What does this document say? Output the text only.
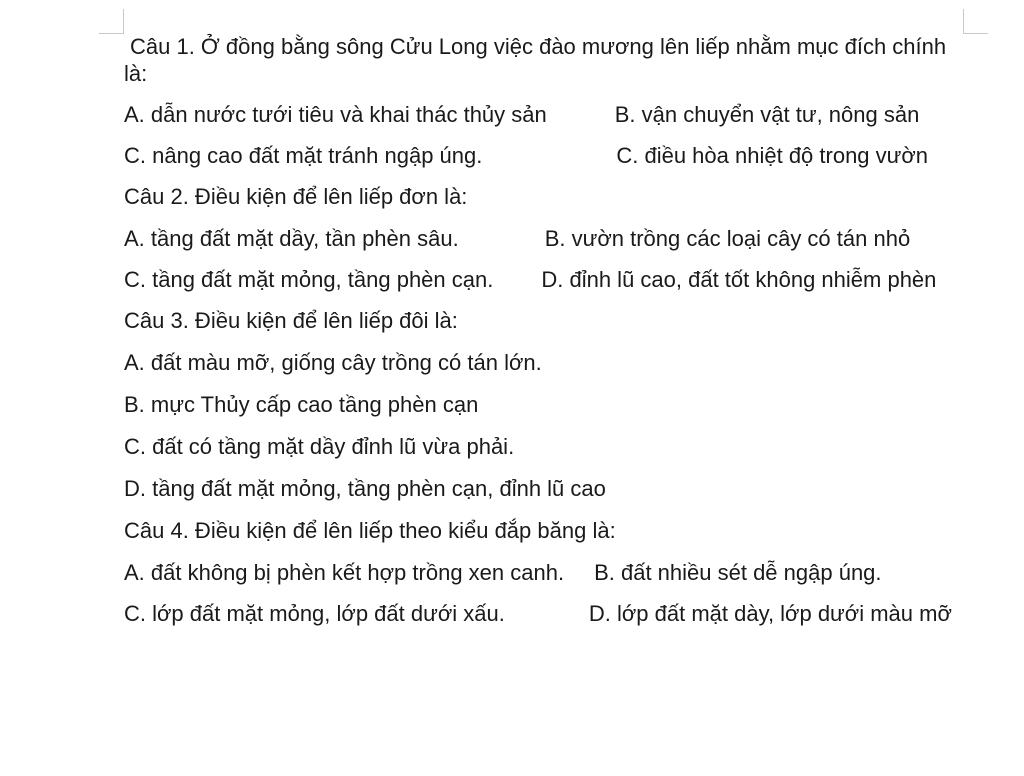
Câu 1. Ở đồng bằng sông Cửu Long việc đào mương lên liếp nhằm mục đích chính là:

A. dẫn nước tưới tiêu và khai thác thủy sản	B. vận chuyển vật tư, nông sản

C. nâng cao đất mặt tránh ngập úng.	C. điều hòa nhiệt độ trong vườn

Câu 2. Điều kiện để lên liếp đơn là:

A. tầng đất mặt dầy, tần phèn sâu.	B. vườn trồng các loại cây có tán nhỏ

C. tầng đất mặt mỏng, tầng phèn cạn. D. đỉnh lũ cao, đất tốt không nhiễm phèn

Câu 3. Điều kiện để lên liếp đôi là:

A. đất màu mỡ, giống cây trồng có tán lớn.

B. mực Thủy cấp cao tầng phèn cạn

C. đất có tầng mặt dầy đỉnh lũ vừa phải.

D. tầng đất mặt mỏng, tầng phèn cạn, đỉnh lũ cao

Câu 4. Điều kiện để lên liếp theo kiểu đắp băng là:

A. đất không bị phèn kết hợp trồng xen canh. B. đất nhiều sét dễ ngập úng.

C. lớp đất mặt mỏng, lớp đất dưới xấu.	D. lớp đất mặt dày, lớp dưới màu mỡ
